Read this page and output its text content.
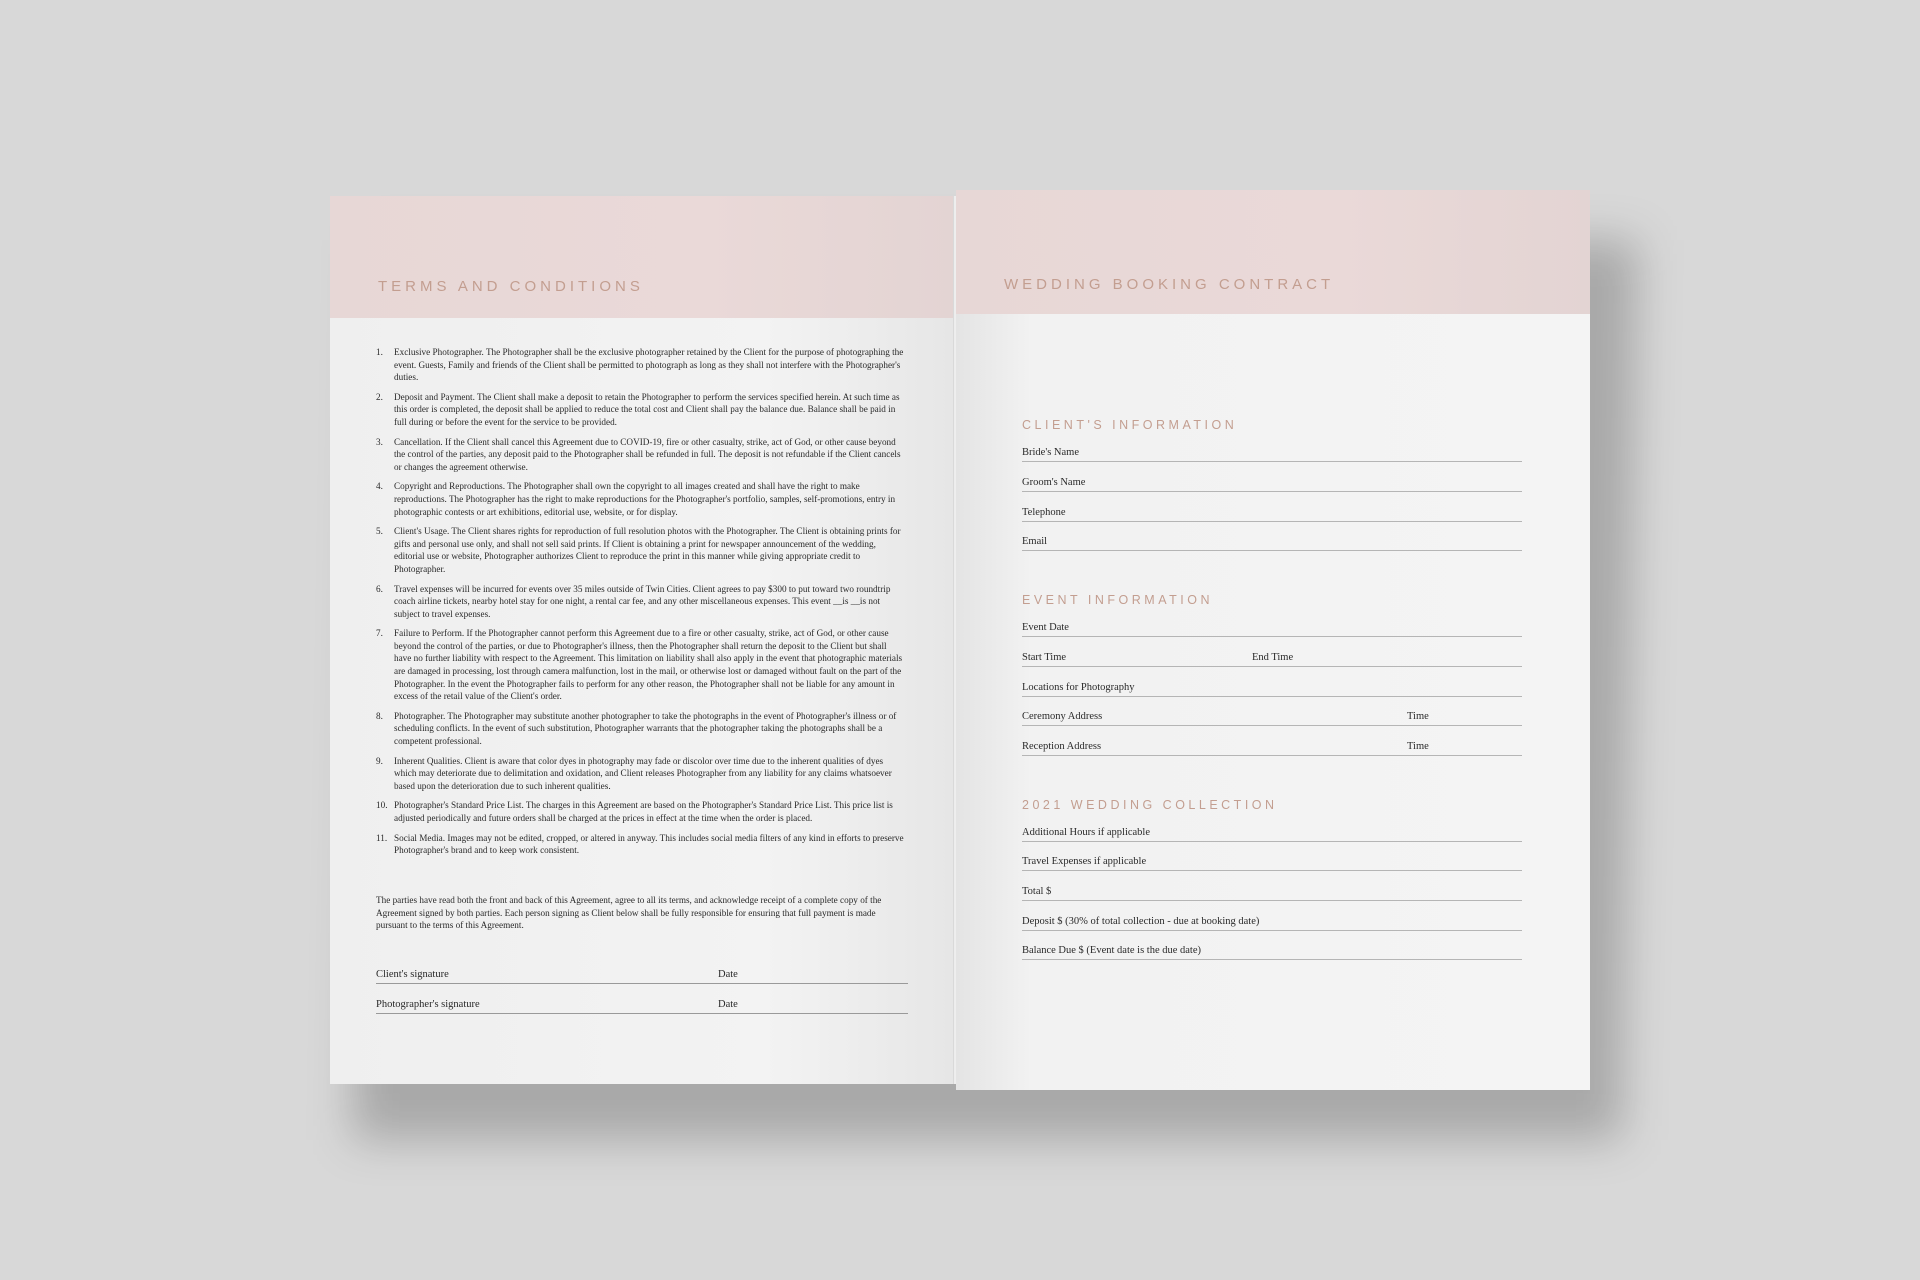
TERMS AND CONDITIONS
1.	Exclusive Photographer. The Photographer shall be the exclusive photographer retained by the Client for the purpose of photographing the event. Guests, Family and friends of the Client shall be permitted to photograph as long as they shall not interfere with the Photographer's duties.
2.	Deposit and Payment. The Client shall make a deposit to retain the Photographer to perform the services specified herein. At such time as this order is completed, the deposit shall be applied to reduce the total cost and Client shall pay the balance due. Balance shall be paid in full during or before the event for the service to be provided.
3.	Cancellation. If the Client shall cancel this Agreement due to COVID-19, fire or other casualty, strike, act of God, or other cause beyond the control of the parties, any deposit paid to the Photographer shall be refunded in full. The deposit is not refundable if the Client cancels or changes the agreement otherwise.
4.	Copyright and Reproductions. The Photographer shall own the copyright to all images created and shall have the right to make reproductions. The Photographer has the right to make reproductions for the Photographer's portfolio, samples, self-promotions, entry in photographic contests or art exhibitions, editorial use, website, or for display.
5.	Client's Usage. The Client shares rights for reproduction of full resolution photos with the Photographer. The Client is obtaining prints for gifts and personal use only, and shall not sell said prints. If Client is obtaining a print for newspaper announcement of the wedding, editorial use or website, Photographer authorizes Client to reproduce the print in this manner while giving appropriate credit to Photographer.
6.	Travel expenses will be incurred for events over 35 miles outside of Twin Cities. Client agrees to pay $300 to put toward two roundtrip coach airline tickets, nearby hotel stay for one night, a rental car fee, and any other miscellaneous expenses. This event __is __is not subject to travel expenses.
7.	Failure to Perform. If the Photographer cannot perform this Agreement due to a fire or other casualty, strike, act of God, or other cause beyond the control of the parties, or due to Photographer's illness, then the Photographer shall return the deposit to the Client but shall have no further liability with respect to the Agreement. This limitation on liability shall also apply in the event that photographic materials are damaged in processing, lost through camera malfunction, lost in the mail, or otherwise lost or damaged without fault on the part of the Photographer. In the event the Photographer fails to perform for any other reason, the Photographer shall not be liable for any amount in excess of the retail value of the Client's order.
8.	Photographer. The Photographer may substitute another photographer to take the photographs in the event of Photographer's illness or of scheduling conflicts. In the event of such substitution, Photographer warrants that the photographer taking the photographs shall be a competent professional.
9.	Inherent Qualities. Client is aware that color dyes in photography may fade or discolor over time due to the inherent qualities of dyes which may deteriorate due to delimitation and oxidation, and Client releases Photographer from any liability for any claims whatsoever based upon the deterioration due to such inherent qualities.
10. Photographer's Standard Price List. The charges in this Agreement are based on the Photographer's Standard Price List. This price list is adjusted periodically and future orders shall be charged at the prices in effect at the time when the order is placed.
11. Social Media. Images may not be edited, cropped, or altered in anyway. This includes social media filters of any kind in efforts to preserve Photographer's brand and to keep work consistent.

The parties have read both the front and back of this Agreement, agree to all its terms, and acknowledge receipt of a complete copy of the Agreement signed by both parties. Each person signing as Client below shall be fully responsible for ensuring that full payment is made pursuant to the terms of this Agreement.

Client's signature	Date
Photographer's signature	Date
WEDDING BOOKING CONTRACT
CLIENT'S INFORMATION
Bride's Name
Groom's Name
Telephone
Email
EVENT INFORMATION
Event Date
Start Time	End Time
Locations for Photography
Ceremony Address	Time
Reception Address	Time
2021 WEDDING COLLECTION
Additional Hours if applicable
Travel Expenses if applicable
Total $
Deposit $ (30% of total collection - due at booking date)
Balance Due $ (Event date is the due date)
